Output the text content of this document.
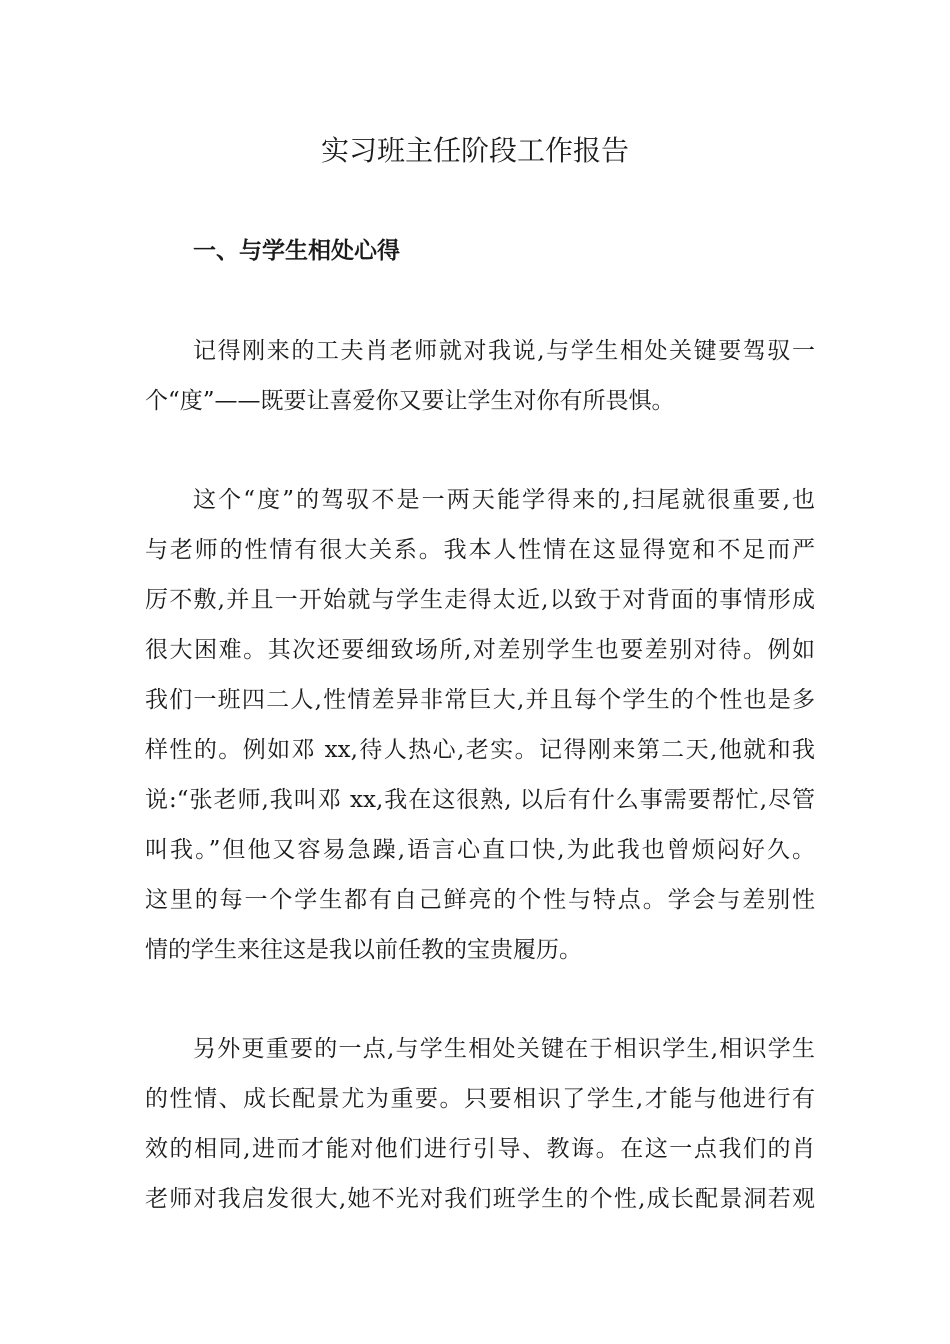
实习班主任阶段工作报告
一、与学生相处心得
记得刚来的工夫肖老师就对我说,与学生相处关键要驾驭一
个“度”——既要让喜爱你又要让学生对你有所畏惧。
这个“度”的驾驭不是一两天能学得来的,扫尾就很重要,也
与老师的性情有很大关系。我本人性情在这显得宽和不足而严
厉不敷,并且一开始就与学生走得太近,以致于对背面的事情形成
很大困难。其次还要细致场所,对差别学生也要差别对待。例如
我们一班四二人,性情差异非常巨大,并且每个学生的个性也是多
样性的。例如邓 xx,待人热心,老实。记得刚来第二天,他就和我
说:“张老师,我叫邓 xx,我在这很熟, 以后有什么事需要帮忙,尽管
叫我。”但他又容易急躁,语言心直口快,为此我也曾烦闷好久。
这里的每一个学生都有自己鲜亮的个性与特点。学会与差别性
情的学生来往这是我以前任教的宝贵履历。
另外更重要的一点,与学生相处关键在于相识学生,相识学生
的性情、成长配景尤为重要。只要相识了学生,才能与他进行有
效的相同,进而才能对他们进行引导、教诲。在这一点我们的肖
老师对我启发很大,她不光对我们班学生的个性,成长配景洞若观
